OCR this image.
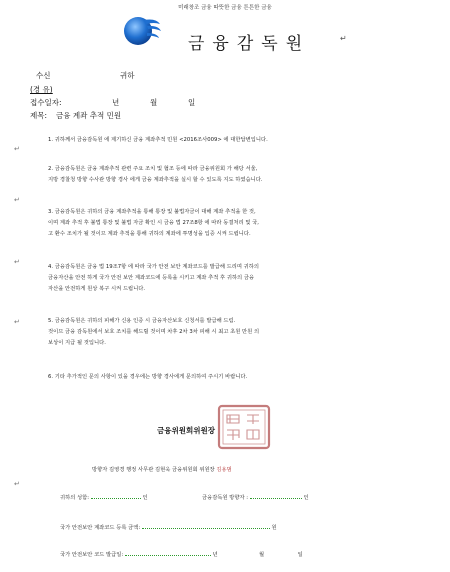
미래창조 금융 따뜻한 금융 튼튼한 금융
금융감독원	↵
수신	귀하
(경 유)
접수일자:	년	월	일
제목: 금융 계좌 추적 민원
↵
↵
↵
↵
↵
1. 귀하께서 금융감독원 에 제기하신 금융 계좌추적 민원 <2016조사009> 에 대한답변입니다.
2. 금융감독원은 금융 계좌추적 관련 주요 조치 및 협조 등에 따라 금융위원회 가 해당 서울,
지방 경찰청 방향 수사관 방향 경사 에게 금융 계좌추적을 실시 할 수 있도록 지도 하였습니다.
3. 금융감독원은 귀하의 금융 계좌추적을 통해 통장 및 불법자금이 대해 계좌 추적을 한 것,
이며 계좌 추적 후 불법 통장 및 불법 자금 확인 시 금융 법 27조8항 에 따라 동결처리 및 국,
고 환수 조치가 될 것이므 계좌 추적을 통해 귀하의 계좌에 투명성을 입증 시켜 드립니다.
4. 금융감독원은 금융 법 19조7항 에 따라 국가 안전 보안 계좌코드를 발급해 드리며 귀하의
금융자산을 안전 하게 국가 안전 보안 계좌코드에 등록을 시키고 계좌 추적 후 귀하의 금융
자산을 안전하게 원상 복구 시켜 드립니다.
5. 금융감독원은 귀하의 피해가 신용 인증 시 금융자산보호 신청서를 발급해 드림.
것이므 금융 감독원에서 보호 조치를 해드릴 것이며 차후 2차 3차 피해 시 최고 초원 만원 의
보상이 지급 될 것입니다.
6. 기타 추가적인 문의 사항이 있을 경우에는 방향 경사에게 문의하여 주시기 바랍니다.
금융위원회위원장
방향자 김영경 행정 사무관 김현욱 금융위원회 위원장 김용범
귀하의 성함:	인	금융감독원 방향자 :	인
국가 안전보안 계좌코드 등록 금액:	원
국가 안전보안 코드 발급일:	년	월	일
